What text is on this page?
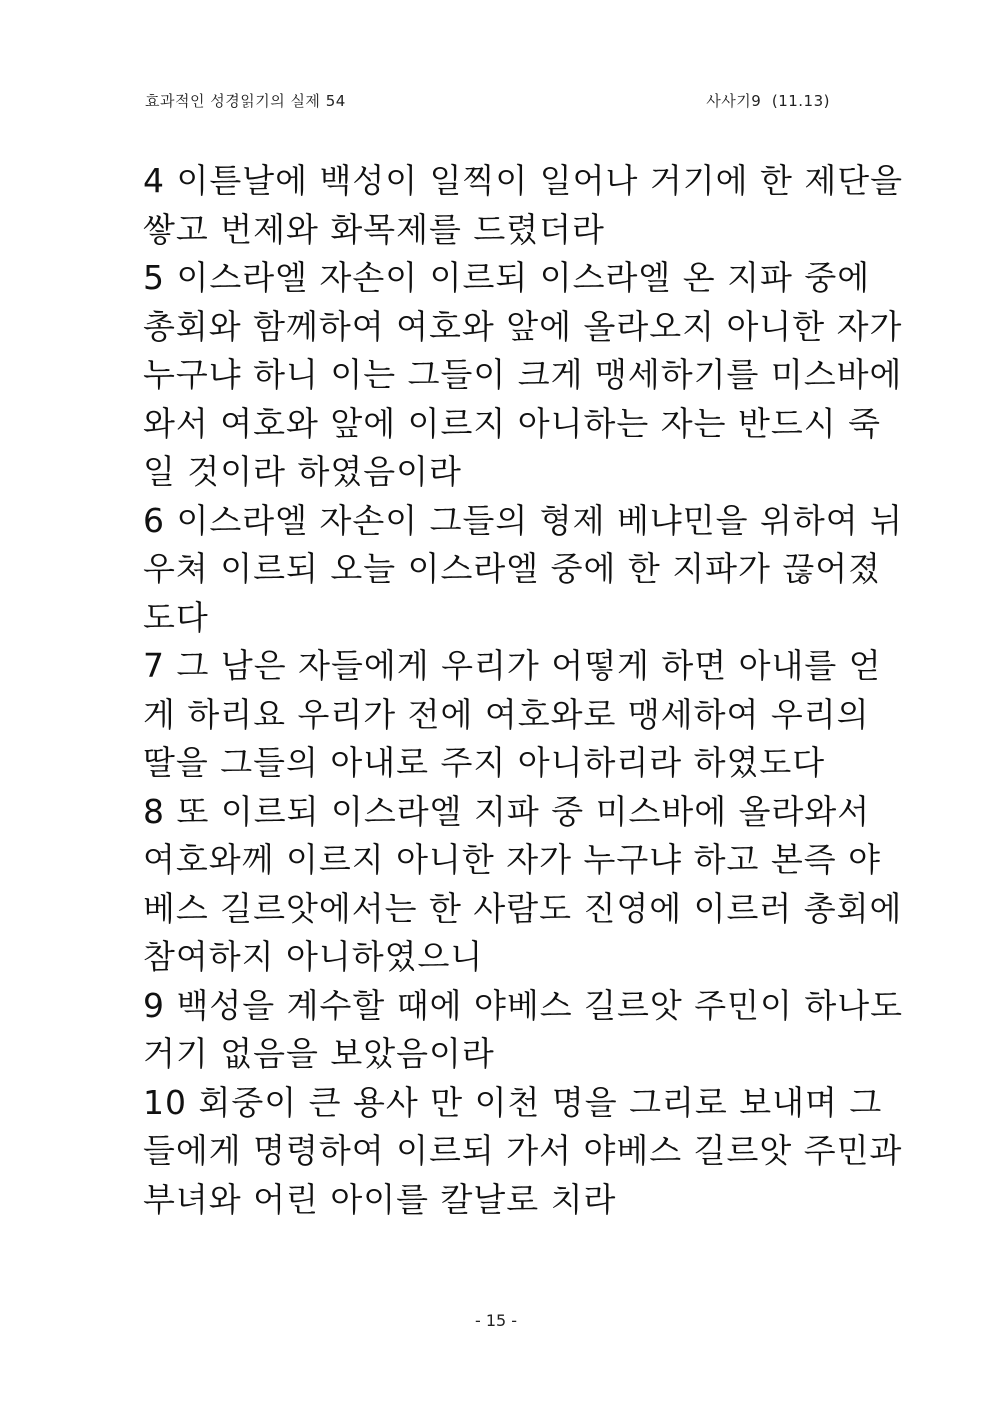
효과적인 성경읽기의 실제 54	사사기9  (11.13)
4 이튿날에 백성이 일찍이 일어나 거기에 한 제단을
쌓고 번제와 화목제를 드렸더라
5 이스라엘 자손이 이르되 이스라엘 온 지파 중에
총회와 함께하여 여호와 앞에 올라오지 아니한 자가
누구냐 하니 이는 그들이 크게 맹세하기를 미스바에
와서 여호와 앞에 이르지 아니하는 자는 반드시 죽
일 것이라 하였음이라
6 이스라엘 자손이 그들의 형제 베냐민을 위하여 뉘
우쳐 이르되 오늘 이스라엘 중에 한 지파가 끊어졌
도다
7 그 남은 자들에게 우리가 어떻게 하면 아내를 얻
게 하리요 우리가 전에 여호와로 맹세하여 우리의
딸을 그들의 아내로 주지 아니하리라 하였도다
8 또 이르되 이스라엘 지파 중 미스바에 올라와서
여호와께 이르지 아니한 자가 누구냐 하고 본즉 야
베스 길르앗에서는 한 사람도 진영에 이르러 총회에
참여하지 아니하였으니
9 백성을 계수할 때에 야베스 길르앗 주민이 하나도
거기 없음을 보았음이라
10 회중이 큰 용사 만 이천 명을 그리로 보내며 그
들에게 명령하여 이르되 가서 야베스 길르앗 주민과
부녀와 어린 아이를 칼날로 치라
- 15 -
